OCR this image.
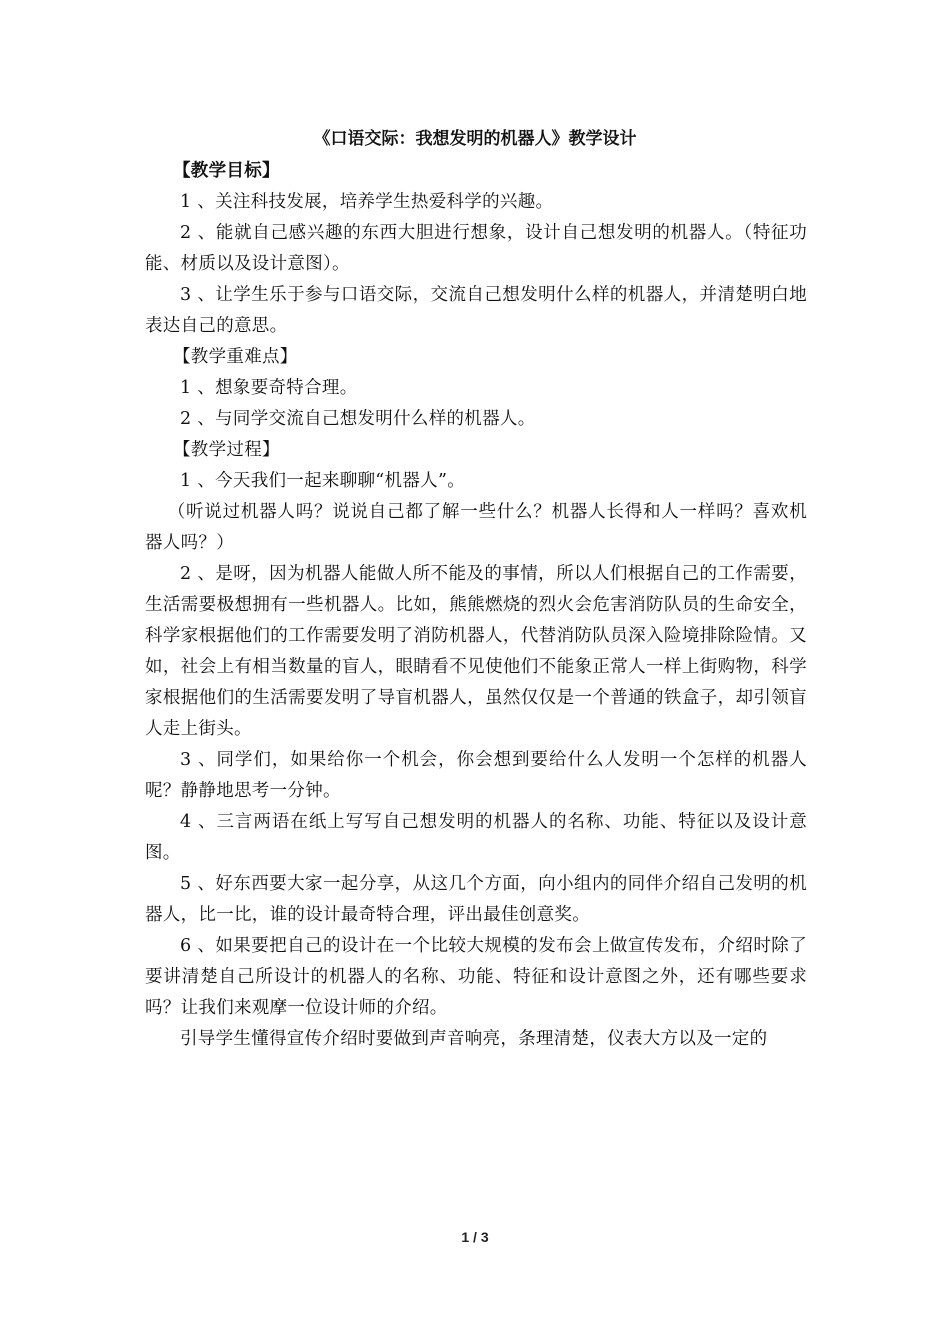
《口语交际：我想发明的机器人》教学设计

【教学目标】

1 、关注科技发展，培养学生热爱科学的兴趣。

2 、能就自己感兴趣的东西大胆进行想象，设计自己想发明的机器人。（特征功能、材质以及设计意图）。

3 、让学生乐于参与口语交际，交流自己想发明什么样的机器人，并清楚明白地表达自己的意思。

【教学重难点】

1 、想象要奇特合理。

2 、与同学交流自己想发明什么样的机器人。

【教学过程】

1 、今天我们一起来聊聊“机器人”。

（听说过机器人吗？说说自己都了解一些什么？机器人长得和人一样吗？喜欢机器人吗？）

2 、是呀，因为机器人能做人所不能及的事情，所以人们根据自己的工作需要，生活需要极想拥有一些机器人。比如，熊熊燃烧的烈火会危害消防队员的生命安全，科学家根据他们的工作需要发明了消防机器人，代替消防队员深入险境排除险情。又如，社会上有相当数量的盲人，眼睛看不见使他们不能象正常人一样上街购物，科学家根据他们的生活需要发明了导盲机器人，虽然仅仅是一个普通的铁盒子，却引领盲人走上街头。

3 、同学们，如果给你一个机会，你会想到要给什么人发明一个怎样的机器人呢？静静地思考一分钟。

4 、三言两语在纸上写写自己想发明的机器人的名称、功能、特征以及设计意图。

5 、好东西要大家一起分享，从这几个方面，向小组内的同伴介绍自己发明的机器人，比一比，谁的设计最奇特合理，评出最佳创意奖。

6 、如果要把自己的设计在一个比较大规模的发布会上做宣传发布，介绍时除了要讲清楚自己所设计的机器人的名称、功能、特征和设计意图之外，还有哪些要求吗？让我们来观摩一位设计师的介绍。

引导学生懂得宣传介绍时要做到声音响亮，条理清楚，仪表大方以及一定的

1 / 3
